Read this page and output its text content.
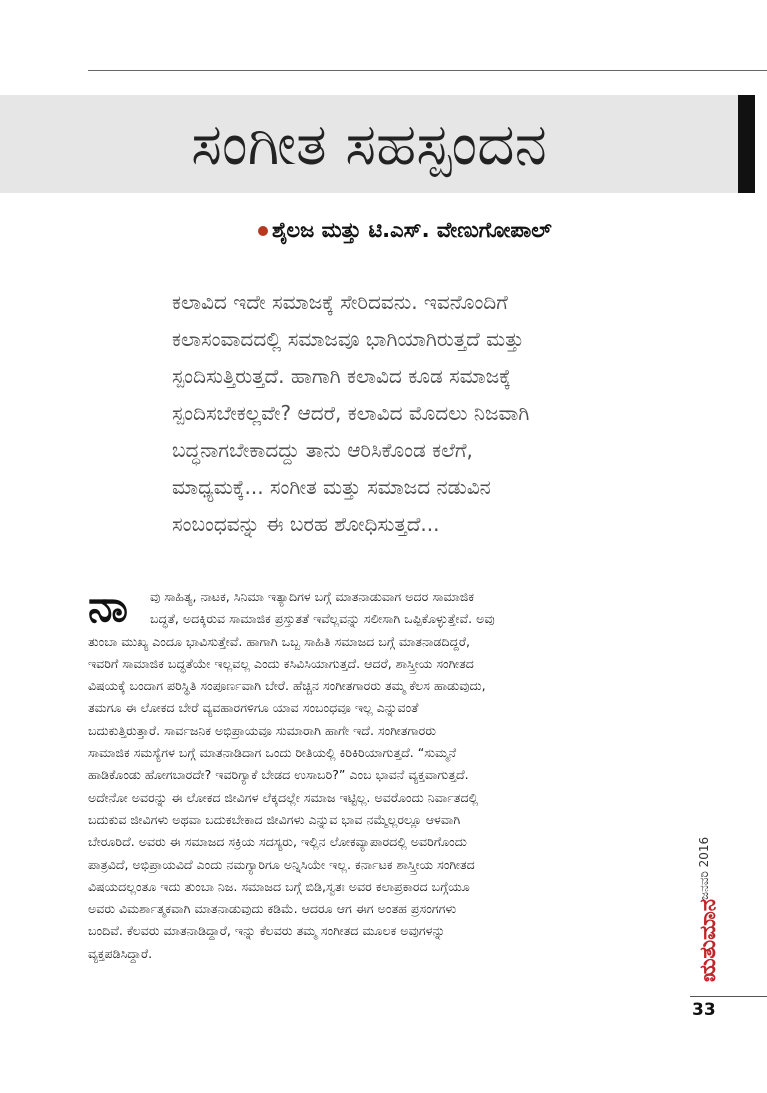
ಸಂಗೀತ ಸಹಸ್ಪಂದನ
ಶೈಲಜ ಮತ್ತು ಟಿ.ಎಸ್. ವೇಣುಗೋಪಾಲ್

ಕಲಾವಿದ ಇದೇ ಸಮಾಜಕ್ಕೆ ಸೇರಿದವನು. ಇವನೊಂದಿಗೆ

ಕಲಾಸಂವಾದದಲ್ಲಿ ಸಮಾಜವೂ ಭಾಗಿಯಾಗಿರುತ್ತದೆ ಮತ್ತು

ಸ್ಪಂದಿಸುತ್ತಿರುತ್ತದೆ. ಹಾಗಾಗಿ ಕಲಾವಿದ ಕೂಡ ಸಮಾಜಕ್ಕೆ

ಸ್ಪಂದಿಸಬೇಕಲ್ಲವೇ? ಆದರೆ, ಕಲಾವಿದ ಮೊದಲು ನಿಜವಾಗಿ

ಬದ್ಧನಾಗಬೇಕಾದದ್ದು ತಾನು ಆರಿಸಿಕೊಂಡ ಕಲೆಗೆ,

ಮಾಧ್ಯಮಕ್ಕೆ... ಸಂಗೀತ ಮತ್ತು ಸಮಾಜದ ನಡುವಿನ

ಸಂಬಂಧವನ್ನು ಈ ಬರಹ ಶೋಧಿಸುತ್ತದೆ...

ನಾ	ವು ಸಾಹಿತ್ಯ, ನಾಟಕ, ಸಿನಿಮಾ ಇತ್ಯಾದಿಗಳ ಬಗ್ಗೆ ಮಾತನಾಡುವಾಗ ಅದರ ಸಾಮಾಜಿಕ

ಬದ್ಧತೆ, ಅದಕ್ಕಿರುವ ಸಾಮಾಜಿಕ ಪ್ರಸ್ತುತತೆ ಇವೆಲ್ಲವನ್ನು ಸಲೀಸಾಗಿ ಒಪ್ಪಿಕೊಳ್ಳುತ್ತೇವೆ. ಅವು

ತುಂಬಾ ಮುಖ್ಯ ಎಂದೂ ಭಾವಿಸುತ್ತೇವೆ. ಹಾಗಾಗಿ ಒಬ್ಬ ಸಾಹಿತಿ ಸಮಾಜದ ಬಗ್ಗೆ ಮಾತನಾಡದಿದ್ದರೆ,

ಇವರಿಗೆ ಸಾಮಾಜಿಕ ಬದ್ಧತೆಯೇ ಇಲ್ಲವಲ್ಲ ಎಂದು ಕಸಿವಿಸಿಯಾಗುತ್ತದೆ. ಆದರೆ, ಶಾಸ್ತ್ರೀಯ ಸಂಗೀತದ

ವಿಷಯಕ್ಕೆ ಬಂದಾಗ ಪರಿಸ್ಥಿತಿ ಸಂಪೂರ್ಣವಾಗಿ ಬೇರೆ. ಹೆಚ್ಚಿನ ಸಂಗೀತಗಾರರು ತಮ್ಮ ಕೆಲಸ ಹಾಡುವುದು,

ತಮಗೂ ಈ ಲೋಕದ ಬೇರೆ ವ್ಯವಹಾರಗಳಿಗೂ ಯಾವ ಸಂಬಂಧವೂ ಇಲ್ಲ ಎನ್ನುವಂತೆ

ಬದುಕುತ್ತಿರುತ್ತಾರೆ. ಸಾರ್ವಜನಿಕ ಅಭಿಪ್ರಾಯವೂ ಸುಮಾರಾಗಿ ಹಾಗೇ ಇದೆ. ಸಂಗೀತಗಾರರು

ಸಾಮಾಜಿಕ ಸಮಸ್ಯೆಗಳ ಬಗ್ಗೆ ಮಾತನಾಡಿದಾಗ ಒಂದು ರೀತಿಯಲ್ಲಿ ಕಿರಿಕಿರಿಯಾಗುತ್ತದೆ. “ಸುಮ್ಮನೆ

ಹಾಡಿಕೊಂಡು ಹೋಗಬಾರದೇ? ಇವರಿಗ್ಯಾಕೆ ಬೇಡದ ಉಸಾಬರಿ?” ಎಂಬ ಭಾವನೆ ವ್ಯಕ್ತವಾಗುತ್ತದೆ.

ಅದೇನೋ ಅವರನ್ನು ಈ ಲೋಕದ ಜೀವಿಗಳ ಲೆಕ್ಕದಲ್ಲೇ ಸಮಾಜ ಇಟ್ಟಿಲ್ಲ. ಅವರೊಂದು ನಿರ್ವಾತದಲ್ಲಿ

ಬದುಕುವ ಜೀವಿಗಳು ಅಥವಾ ಬದುಕಬೇಕಾದ ಜೀವಿಗಳು ಎನ್ನುವ ಭಾವ ನಮ್ಮೆಲ್ಲರಲ್ಲೂ ಆಳವಾಗಿ

ಬೇರೂರಿದೆ. ಅವರು ಈ ಸಮಾಜದ ಸಕ್ರಿಯ ಸದಸ್ಯರು, ಇಲ್ಲಿನ ಲೋಕವ್ಯಾಪಾರದಲ್ಲಿ ಅವರಿಗೊಂದು

ಪಾತ್ರವಿದೆ, ಅಭಿಪ್ರಾಯವಿದೆ ಎಂದು ನಮಗ್ಯಾರಿಗೂ ಅನ್ನಿಸಿಯೇ ಇಲ್ಲ. ಕರ್ನಾಟಕ ಶಾಸ್ತ್ರೀಯ ಸಂಗೀತದ

ವಿಷಯದಲ್ಲಂತೂ ಇದು ತುಂಬಾ ನಿಜ. ಸಮಾಜದ ಬಗ್ಗೆ ಬಿಡಿ,ಸ್ವತಃ ಅವರ ಕಲಾಪ್ರಕಾರದ ಬಗ್ಗೆಯೂ

ಅವರು ವಿಮರ್ಶಾತ್ಮಕವಾಗಿ ಮಾತನಾಡುವುದು ಕಡಿಮೆ. ಆದರೂ ಆಗ ಈಗ ಅಂತಹ ಪ್ರಸಂಗಗಳು

ಬಂದಿವೆ. ಕೆಲವರು ಮಾತನಾಡಿದ್ದಾರೆ, ಇನ್ನು ಕೆಲವರು ತಮ್ಮ ಸಂಗೀತದ ಮೂಲಕ ಅವುಗಳನ್ನು

ವ್ಯಕ್ತಪಡಿಸಿದ್ದಾರೆ.

ಜನವರಿ 2016
ಋತುಮಾನ
33
